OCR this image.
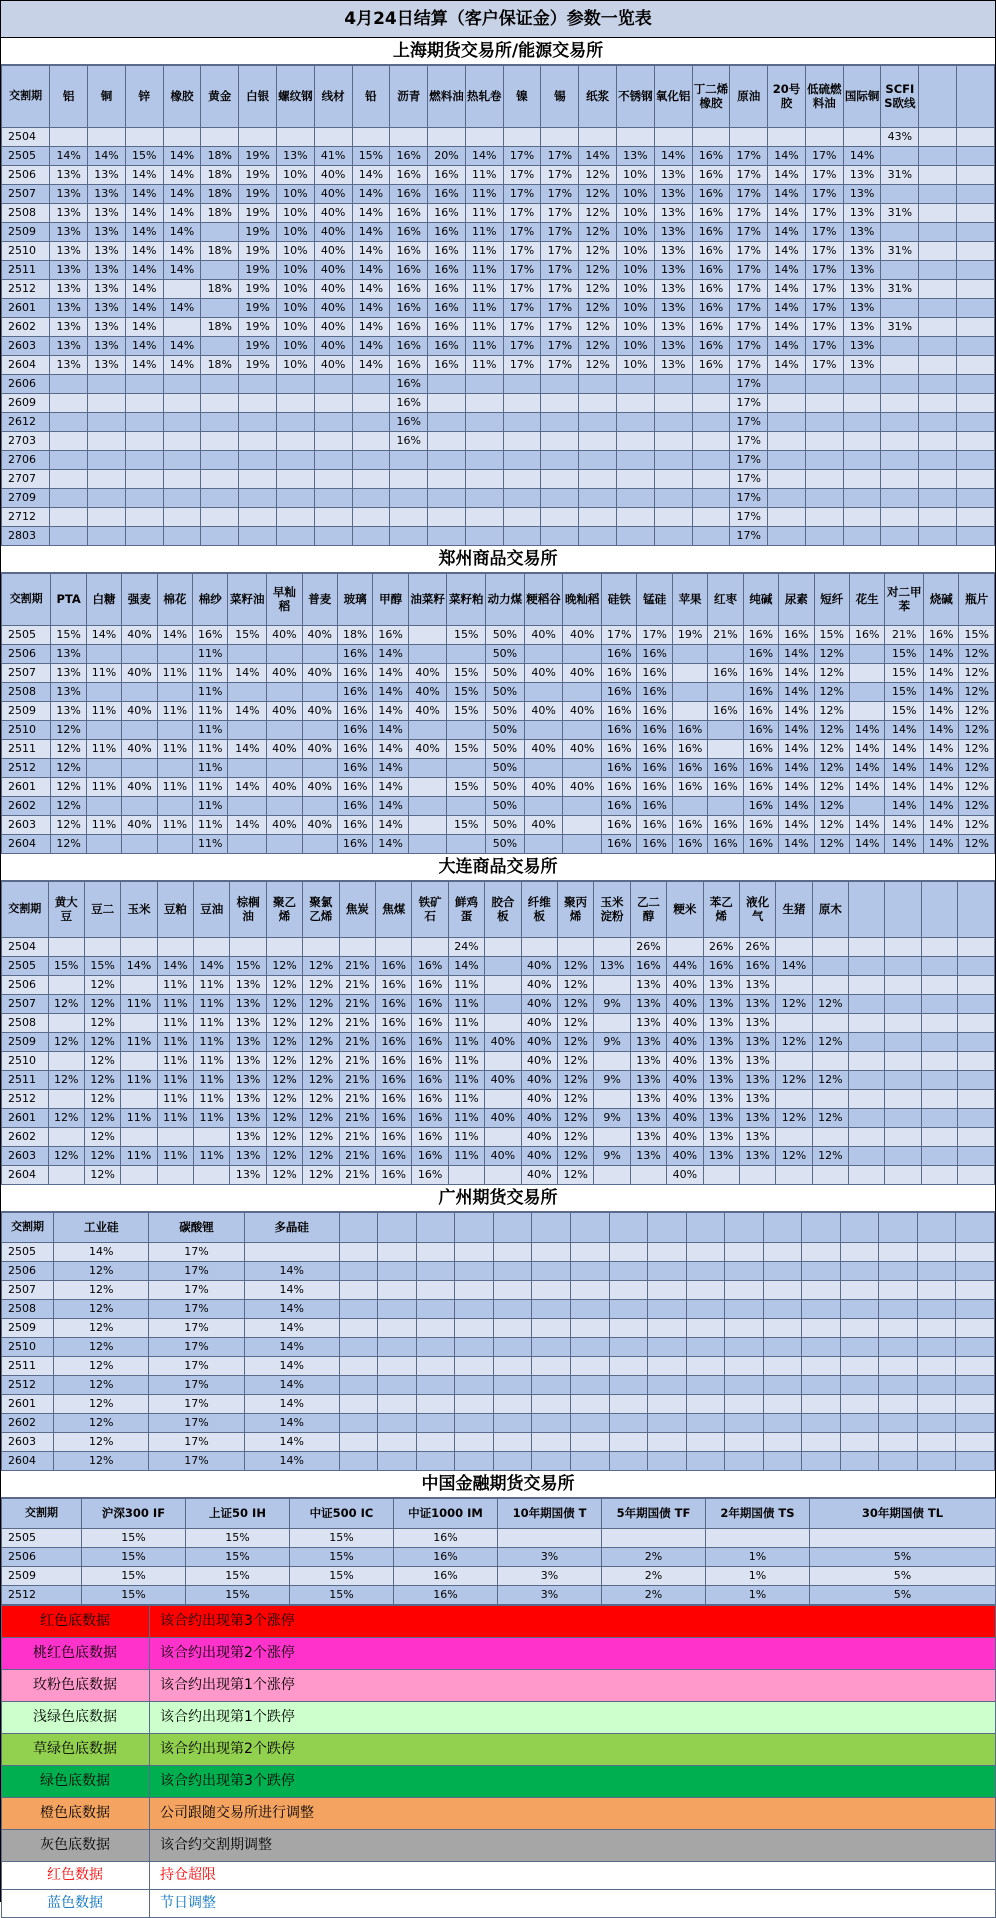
4月24日结算（客户保证金）参数一览表
上海期货交易所/能源交易所
交割期	铝	铜	锌	橡胶	黄金	白银	螺纹钢	线材	铅	沥青	燃料油	热轧卷	镍	锡	纸浆	不锈钢	氧化铝	丁二烯橡胶	原油	20号胶	低硫燃料油	国际铜	SCFIS欧线		
2504																							43%		
2505	14%	14%	15%	14%	18%	19%	13%	41%	15%	16%	20%	14%	17%	17%	14%	13%	14%	16%	17%	14%	17%	14%			
2506	13%	13%	14%	14%	18%	19%	10%	40%	14%	16%	16%	11%	17%	17%	12%	10%	13%	16%	17%	14%	17%	13%	31%		
2507	13%	13%	14%	14%	18%	19%	10%	40%	14%	16%	16%	11%	17%	17%	12%	10%	13%	16%	17%	14%	17%	13%			
2508	13%	13%	14%	14%	18%	19%	10%	40%	14%	16%	16%	11%	17%	17%	12%	10%	13%	16%	17%	14%	17%	13%	31%		
2509	13%	13%	14%	14%		19%	10%	40%	14%	16%	16%	11%	17%	17%	12%	10%	13%	16%	17%	14%	17%	13%			
2510	13%	13%	14%	14%	18%	19%	10%	40%	14%	16%	16%	11%	17%	17%	12%	10%	13%	16%	17%	14%	17%	13%	31%		
2511	13%	13%	14%	14%		19%	10%	40%	14%	16%	16%	11%	17%	17%	12%	10%	13%	16%	17%	14%	17%	13%			
2512	13%	13%	14%		18%	19%	10%	40%	14%	16%	16%	11%	17%	17%	12%	10%	13%	16%	17%	14%	17%	13%	31%		
2601	13%	13%	14%	14%		19%	10%	40%	14%	16%	16%	11%	17%	17%	12%	10%	13%	16%	17%	14%	17%	13%			
2602	13%	13%	14%		18%	19%	10%	40%	14%	16%	16%	11%	17%	17%	12%	10%	13%	16%	17%	14%	17%	13%	31%		
2603	13%	13%	14%	14%		19%	10%	40%	14%	16%	16%	11%	17%	17%	12%	10%	13%	16%	17%	14%	17%	13%			
2604	13%	13%	14%	14%	18%	19%	10%	40%	14%	16%	16%	11%	17%	17%	12%	10%	13%	16%	17%	14%	17%	13%			
2606										16%									17%						
2609										16%									17%						
2612										16%									17%						
2703										16%									17%						
2706																			17%						
2707																			17%						
2709																			17%						
2712																			17%						
2803																			17%						
郑州商品交易所
交割期	PTA	白糖	强麦	棉花	棉纱	菜籽油	早籼稻	普麦	玻璃	甲醇	油菜籽	菜籽粕	动力煤	粳稻谷	晚籼稻	硅铁	锰硅	苹果	红枣	纯碱	尿素	短纤	花生	对二甲苯	烧碱	瓶片
2505	15%	14%	40%	14%	16%	15%	40%	40%	18%	16%		15%	50%	40%	40%	17%	17%	19%	21%	16%	16%	15%	16%	21%	16%	15%
2506	13%				11%				16%	14%			50%			16%	16%			16%	14%	12%		15%	14%	12%
2507	13%	11%	40%	11%	11%	14%	40%	40%	16%	14%	40%	15%	50%	40%	40%	16%	16%		16%	16%	14%	12%		15%	14%	12%
2508	13%				11%				16%	14%	40%	15%	50%			16%	16%			16%	14%	12%		15%	14%	12%
2509	13%	11%	40%	11%	11%	14%	40%	40%	16%	14%	40%	15%	50%	40%	40%	16%	16%		16%	16%	14%	12%		15%	14%	12%
2510	12%				11%				16%	14%			50%			16%	16%	16%		16%	14%	12%	14%	14%	14%	12%
2511	12%	11%	40%	11%	11%	14%	40%	40%	16%	14%	40%	15%	50%	40%	40%	16%	16%	16%		16%	14%	12%	14%	14%	14%	12%
2512	12%				11%				16%	14%			50%			16%	16%	16%	16%	16%	14%	12%	14%	14%	14%	12%
2601	12%	11%	40%	11%	11%	14%	40%	40%	16%	14%		15%	50%	40%	40%	16%	16%	16%	16%	16%	14%	12%	14%	14%	14%	12%
2602	12%				11%				16%	14%			50%			16%	16%			16%	14%	12%		14%	14%	12%
2603	12%	11%	40%	11%	11%	14%	40%	40%	16%	14%		15%	50%	40%		16%	16%	16%	16%	16%	14%	12%	14%	14%	14%	12%
2604	12%				11%				16%	14%			50%			16%	16%	16%	16%	16%	14%	12%	14%	14%	14%	12%
大连商品交易所
交割期	黄大豆	豆二	玉米	豆粕	豆油	棕榈油	聚乙烯	聚氯乙烯	焦炭	焦煤	铁矿石	鲜鸡蛋	胶合板	纤维板	聚丙烯	玉米淀粉	乙二醇	粳米	苯乙烯	液化气	生猪	原木				
2504												24%					26%		26%	26%						
2505	15%	15%	14%	14%	14%	15%	12%	12%	21%	16%	16%	14%		40%	12%	13%	16%	44%	16%	16%	14%					
2506		12%		11%	11%	13%	12%	12%	21%	16%	16%	11%		40%	12%		13%	40%	13%	13%						
2507	12%	12%	11%	11%	11%	13%	12%	12%	21%	16%	16%	11%		40%	12%	9%	13%	40%	13%	13%	12%	12%				
2508		12%		11%	11%	13%	12%	12%	21%	16%	16%	11%		40%	12%		13%	40%	13%	13%						
2509	12%	12%	11%	11%	11%	13%	12%	12%	21%	16%	16%	11%	40%	40%	12%	9%	13%	40%	13%	13%	12%	12%				
2510		12%		11%	11%	13%	12%	12%	21%	16%	16%	11%		40%	12%		13%	40%	13%	13%						
2511	12%	12%	11%	11%	11%	13%	12%	12%	21%	16%	16%	11%	40%	40%	12%	9%	13%	40%	13%	13%	12%	12%				
2512		12%		11%	11%	13%	12%	12%	21%	16%	16%	11%		40%	12%		13%	40%	13%	13%						
2601	12%	12%	11%	11%	11%	13%	12%	12%	21%	16%	16%	11%	40%	40%	12%	9%	13%	40%	13%	13%	12%	12%				
2602		12%				13%	12%	12%	21%	16%	16%	11%		40%	12%		13%	40%	13%	13%						
2603	12%	12%	11%	11%	11%	13%	12%	12%	21%	16%	16%	11%	40%	40%	12%	9%	13%	40%	13%	13%	12%	12%				
2604		12%				13%	12%	12%	21%	16%	16%			40%	12%			40%								
广州期货交易所
交割期	工业硅	碳酸锂	多晶硅																	
2505	14%	17%																		
2506	12%	17%	14%																	
2507	12%	17%	14%																	
2508	12%	17%	14%																	
2509	12%	17%	14%																	
2510	12%	17%	14%																	
2511	12%	17%	14%																	
2512	12%	17%	14%																	
2601	12%	17%	14%																	
2602	12%	17%	14%																	
2603	12%	17%	14%																	
2604	12%	17%	14%																	
中国金融期货交易所
交割期	沪深300 IF	上证50 IH	中证500 IC	中证1000 IM	10年期国债 T	5年期国债 TF	2年期国债 TS	30年期国债 TL
2505	15%	15%	15%	16%				
2506	15%	15%	15%	16%	3%	2%	1%	5%
2509	15%	15%	15%	16%	3%	2%	1%	5%
2512	15%	15%	15%	16%	3%	2%	1%	5%
红色底数据	该合约出现第3个涨停
桃红色底数据	该合约出现第2个涨停
玫粉色底数据	该合约出现第1个涨停
浅绿色底数据	该合约出现第1个跌停
草绿色底数据	该合约出现第2个跌停
绿色底数据	该合约出现第3个跌停
橙色底数据	公司跟随交易所进行调整
灰色底数据	该合约交割期调整
红色数据	持仓超限
蓝色数据	节日调整
